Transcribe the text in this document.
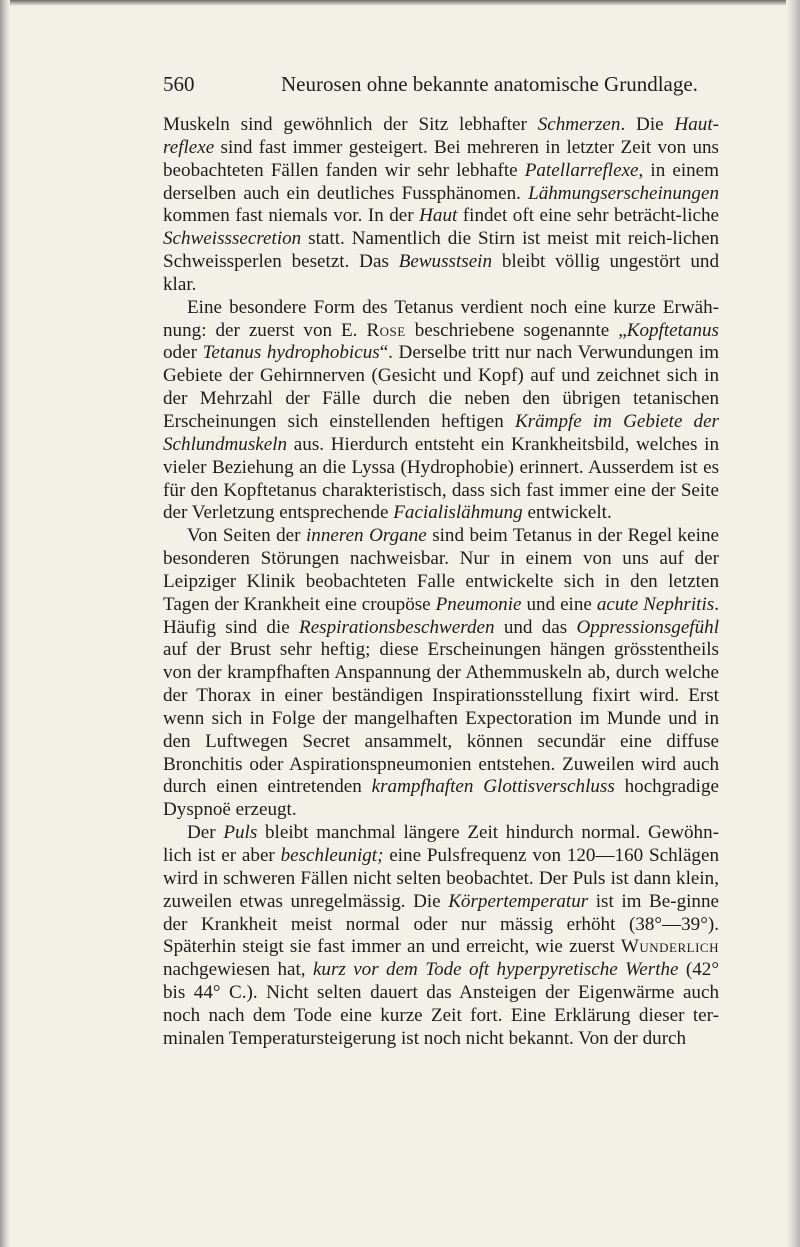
560	Neurosen ohne bekannte anatomische Grundlage.

Muskeln sind gewöhnlich der Sitz lebhafter Schmerzen. Die Haut-reflexe sind fast immer gesteigert. Bei mehreren in letzter Zeit von uns beobachteten Fällen fanden wir sehr lebhafte Patellarreflexe, in einem derselben auch ein deutliches Fussphänomen. Lähmungserscheinungen kommen fast niemals vor. In der Haut findet oft eine sehr beträcht-liche Schweisssecretion statt. Namentlich die Stirn ist meist mit reich-lichen Schweissperlen besetzt. Das Bewusstsein bleibt völlig ungestört und klar.

Eine besondere Form des Tetanus verdient noch eine kurze Erwäh-nung: der zuerst von E. Rose beschriebene sogenannte „Kopftetanus oder Tetanus hydrophobicus“. Derselbe tritt nur nach Verwundungen im Gebiete der Gehirnnerven (Gesicht und Kopf) auf und zeichnet sich in der Mehrzahl der Fälle durch die neben den übrigen tetanischen Erscheinungen sich einstellenden heftigen Krämpfe im Gebiete der Schlundmuskeln aus. Hierdurch entsteht ein Krankheitsbild, welches in vieler Beziehung an die Lyssa (Hydrophobie) erinnert. Ausserdem ist es für den Kopftetanus charakteristisch, dass sich fast immer eine der Seite der Verletzung entsprechende Facialislähmung entwickelt.

Von Seiten der inneren Organe sind beim Tetanus in der Regel keine besonderen Störungen nachweisbar. Nur in einem von uns auf der Leipziger Klinik beobachteten Falle entwickelte sich in den letzten Tagen der Krankheit eine croupöse Pneumonie und eine acute Nephritis. Häufig sind die Respirationsbeschwerden und das Oppressionsgefühl auf der Brust sehr heftig; diese Erscheinungen hängen grösstentheils von der krampfhaften Anspannung der Athemmuskeln ab, durch welche der Thorax in einer beständigen Inspirationsstellung fixirt wird. Erst wenn sich in Folge der mangelhaften Expectoration im Munde und in den Luftwegen Secret ansammelt, können secundär eine diffuse Bronchitis oder Aspirationspneumonien entstehen. Zuweilen wird auch durch einen eintretenden krampfhaften Glottisverschluss hochgradige Dyspnoë erzeugt.

Der Puls bleibt manchmal längere Zeit hindurch normal. Gewöhn-lich ist er aber beschleunigt; eine Pulsfrequenz von 120—160 Schlägen wird in schweren Fällen nicht selten beobachtet. Der Puls ist dann klein, zuweilen etwas unregelmässig. Die Körpertemperatur ist im Be-ginne der Krankheit meist normal oder nur mässig erhöht (38°—39°). Späterhin steigt sie fast immer an und erreicht, wie zuerst Wunderlich nachgewiesen hat, kurz vor dem Tode oft hyperpyretische Werthe (42° bis 44° C.). Nicht selten dauert das Ansteigen der Eigenwärme auch noch nach dem Tode eine kurze Zeit fort. Eine Erklärung dieser ter-minalen Temperatursteigerung ist noch nicht bekannt. Von der durch
